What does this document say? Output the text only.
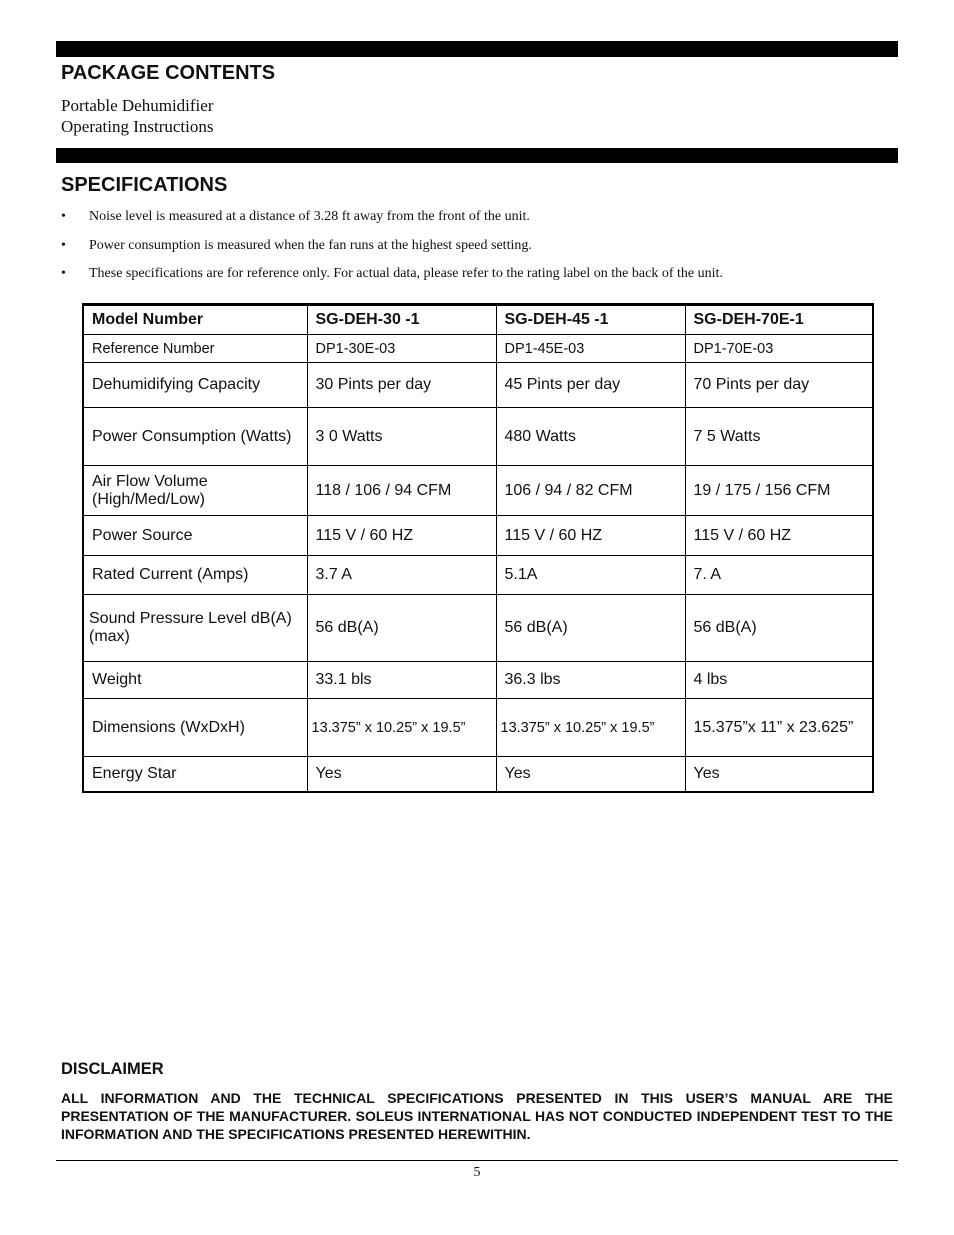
PACKAGE CONTENTS
Portable Dehumidifier
Operating Instructions
SPECIFICATIONS
• Noise level is measured at a distance of 3.28 ft away from the front of the unit.
• Power consumption is measured when the fan runs at the highest speed setting.
• These specifications are for reference only. For actual data, please refer to the rating label on the back of the unit.
Model Number	SG-DEH-30 -1	SG-DEH-45 -1	SG-DEH-70E-1
Reference Number	DP1-30E-03	DP1-45E-03	DP1-70E-03
Dehumidifying Capacity	30 Pints per day	45 Pints per day	70 Pints per day
Power Consumption (Watts)	3 0 Watts	480 Watts	7 5 Watts
Air Flow Volume (High/Med/Low)	118 / 106 / 94 CFM	106 / 94 / 82 CFM	19 / 175 / 156 CFM
Power Source	115 V / 60 HZ	115 V / 60 HZ	115 V / 60 HZ
Rated Current (Amps)	3.7 A	5.1A	7. A
Sound Pressure Level dB(A) (max)	56 dB(A)	56 dB(A)	56 dB(A)
Weight	33.1 bls	36.3 lbs	4 lbs
Dimensions (WxDxH)	13.375” x 10.25” x 19.5”	13.375” x 10.25” x 19.5”	15.375”x 11” x 23.625”
Energy Star	Yes	Yes	Yes
DISCLAIMER

ALL INFORMATION AND THE TECHNICAL SPECIFICATIONS PRESENTED IN THIS USER’S MANUAL ARE THE PRESENTATION OF THE MANUFACTURER. SOLEUS INTERNATIONAL HAS NOT CONDUCTED INDEPENDENT TEST TO THE INFORMATION AND THE SPECIFICATIONS PRESENTED HEREWITHIN.

5
